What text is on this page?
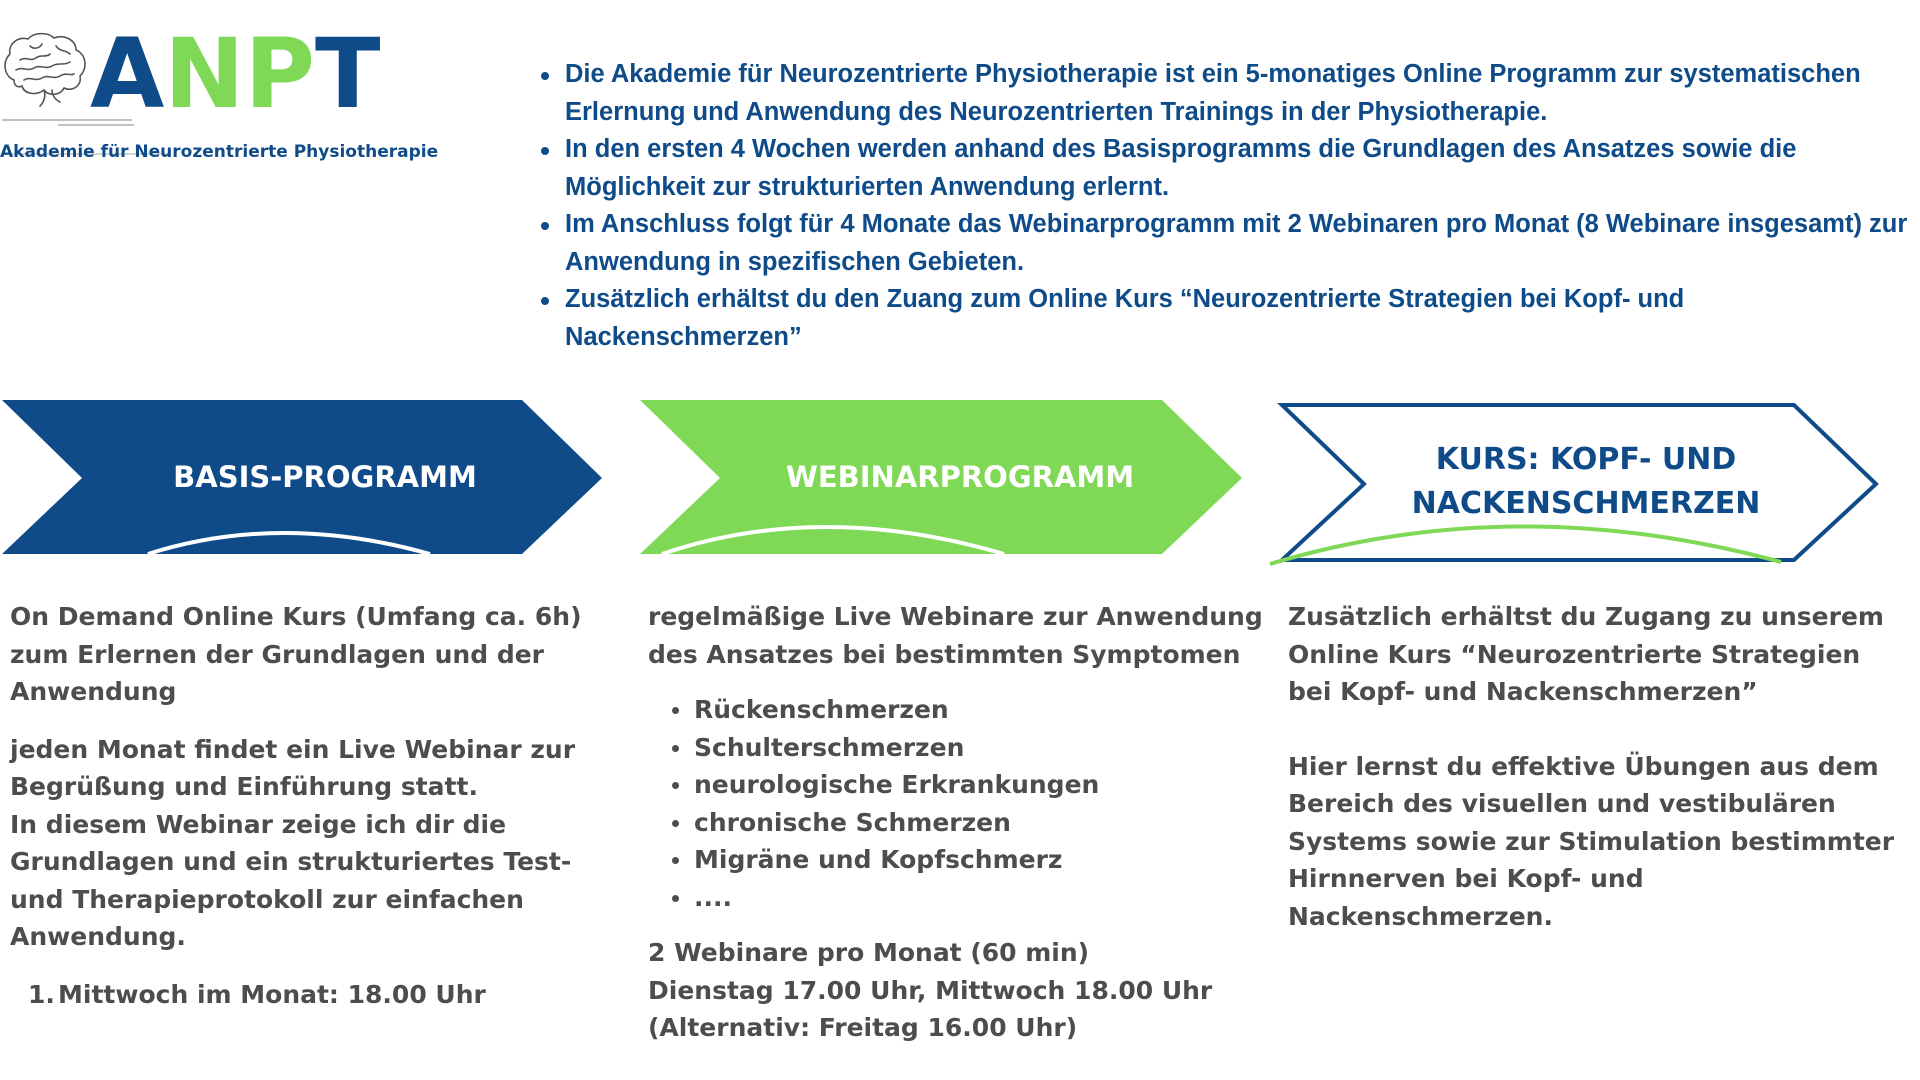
ANPT
Akademie für Neurozentrierte Physiotherapie
Die Akademie für Neurozentrierte Physiotherapie ist ein 5-monatiges Online Programm zur systematischen Erlernung und Anwendung des Neurozentrierten Trainings in der Physiotherapie.
In den ersten 4 Wochen werden anhand des Basisprogramms die Grundlagen des Ansatzes sowie die Möglichkeit zur strukturierten Anwendung erlernt.
Im Anschluss folgt für 4 Monate das Webinarprogramm mit 2 Webinaren pro Monat (8 Webinare insgesamt) zur Anwendung in spezifischen Gebieten.
Zusätzlich erhältst du den Zuang zum Online Kurs “Neurozentrierte Strategien bei Kopf- und Nackenschmerzen”
BASIS-PROGRAMM	WEBINARPROGRAMM	KURS: KOPF- UND
NACKENSCHMERZEN

On Demand Online Kurs (Umfang ca. 6h) zum Erlernen der Grundlagen und der Anwendung

jeden Monat findet ein Live Webinar zur Begrüßung und Einführung statt.

In diesem Webinar zeige ich dir die Grundlagen und ein strukturiertes Test- und Therapieprotokoll zur einfachen Anwendung.

1. Mittwoch im Monat: 18.00 Uhr

regelmäßige Live Webinare zur Anwendung des Ansatzes bei bestimmten Symptomen

Rückenschmerzen
Schulterschmerzen
neurologische Erkrankungen
chronische Schmerzen
Migräne und Kopfschmerz
....

2 Webinare pro Monat (60 min)

Dienstag 17.00 Uhr, Mittwoch 18.00 Uhr

(Alternativ: Freitag 16.00 Uhr)

Zusätzlich erhältst du Zugang zu unserem Online Kurs “Neurozentrierte Strategien bei Kopf- und Nackenschmerzen”

Hier lernst du effektive Übungen aus dem Bereich des visuellen und vestibulären Systems sowie zur Stimulation bestimmter Hirnnerven bei Kopf- und Nackenschmerzen.
